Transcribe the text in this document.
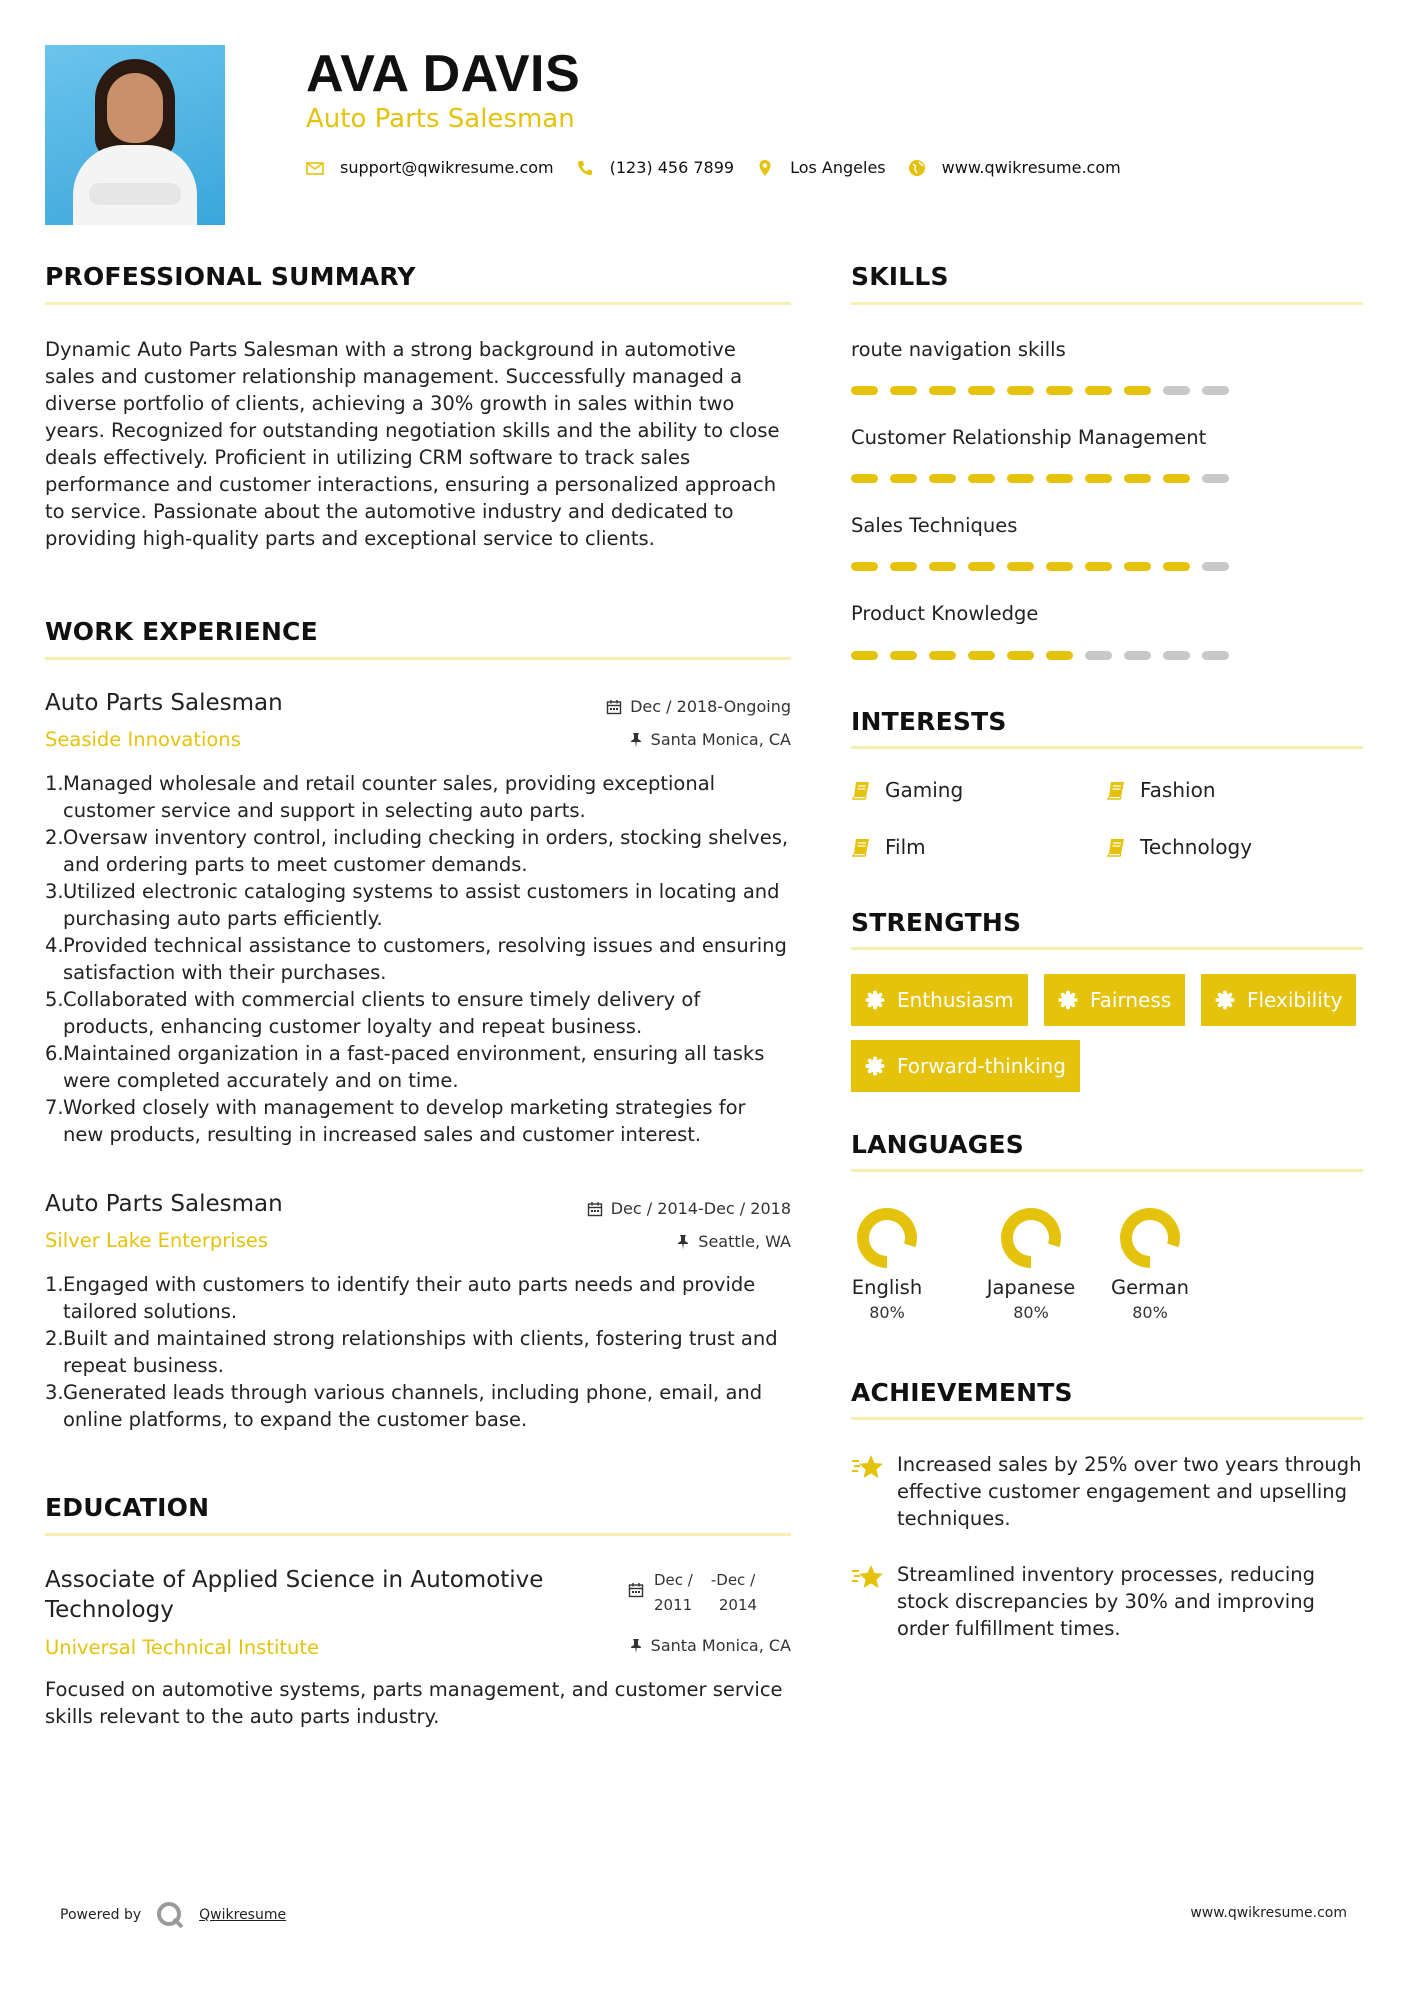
AVA DAVIS
Auto Parts Salesman
support@qwikresume.com	(123) 456 7899	Los Angeles	www.qwikresume.com
PROFESSIONAL SUMMARY
Dynamic Auto Parts Salesman with a strong background in automotive sales and customer relationship management. Successfully managed a diverse portfolio of clients, achieving a 30% growth in sales within two years. Recognized for outstanding negotiation skills and the ability to close deals effectively. Proficient in utilizing CRM software to track sales performance and customer interactions, ensuring a personalized approach to service. Passionate about the automotive industry and dedicated to providing high-quality parts and exceptional service to clients.
WORK EXPERIENCE
Auto Parts Salesman
Seaside Innovations
Dec / 2018-Ongoing
Santa Monica, CA
1. Managed wholesale and retail counter sales, providing exceptional customer service and support in selecting auto parts.
2. Oversaw inventory control, including checking in orders, stocking shelves, and ordering parts to meet customer demands.
3. Utilized electronic cataloging systems to assist customers in locating and purchasing auto parts efficiently.
4. Provided technical assistance to customers, resolving issues and ensuring satisfaction with their purchases.
5. Collaborated with commercial clients to ensure timely delivery of products, enhancing customer loyalty and repeat business.
6. Maintained organization in a fast-paced environment, ensuring all tasks were completed accurately and on time.
7. Worked closely with management to develop marketing strategies for new products, resulting in increased sales and customer interest.
Auto Parts Salesman
Silver Lake Enterprises
Dec / 2014-Dec / 2018
Seattle, WA
1. Engaged with customers to identify their auto parts needs and provide tailored solutions.
2. Built and maintained strong relationships with clients, fostering trust and repeat business.
3. Generated leads through various channels, including phone, email, and online platforms, to expand the customer base.
EDUCATION
Associate of Applied Science in Automotive Technology
Dec /
2011
-Dec /
2014
Universal Technical Institute	Santa Monica, CA
Focused on automotive systems, parts management, and customer service skills relevant to the auto parts industry.
SKILLS
route navigation skills
Customer Relationship Management
Sales Techniques
Product Knowledge
INTERESTS
Gaming	Fashion
Film	Technology
STRENGTHS
Enthusiasm	Fairness	Flexibility
Forward-thinking
LANGUAGES
English
80%
Japanese
80%
German
80%
ACHIEVEMENTS
Increased sales by 25% over two years through effective customer engagement and upselling techniques.
Streamlined inventory processes, reducing stock discrepancies by 30% and improving order fulfillment times.
Powered by	Qwikresume	www.qwikresume.com
